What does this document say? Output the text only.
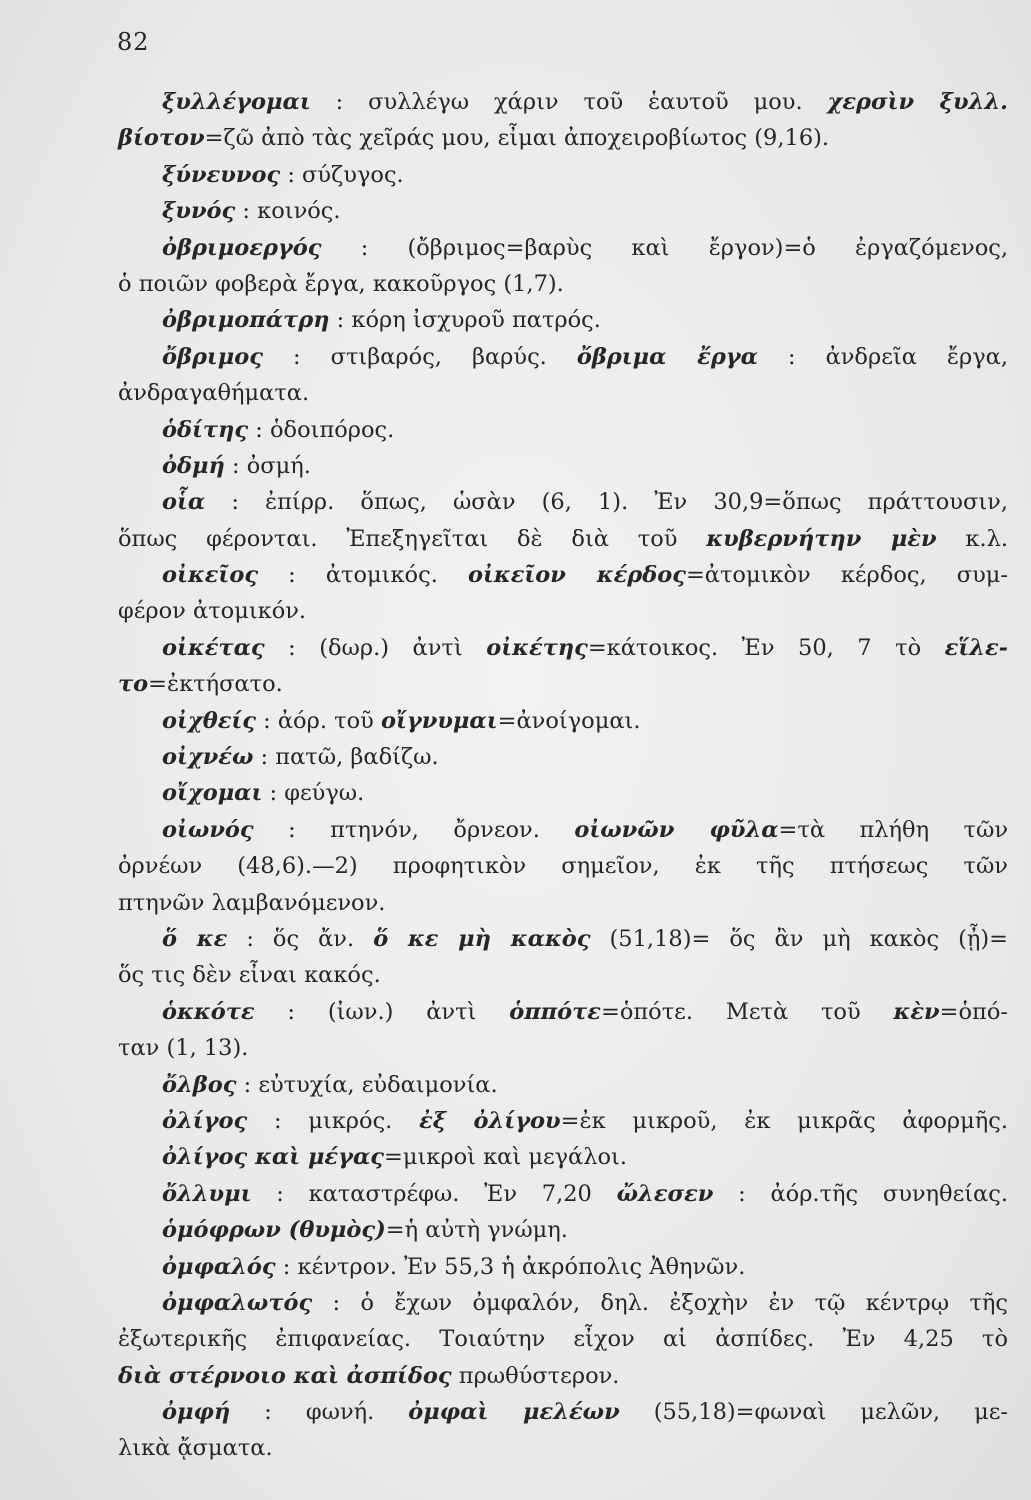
82
ξυλλέγομαι : συλλέγω χάριν τοῦ ἑαυτοῦ μου. χερσὶν ξυλλ.
βίοτον=ζῶ ἀπὸ τὰς χεῖράς μου, εἶμαι ἀποχειροβίωτος (9,16).
ξύνευνος : σύζυγος.
ξυνός : κοινός.
ὀβριμοεργός : (ὄβριμος=βαρὺς καὶ ἔργον)=ὁ ἐργαζόμενος,
ὁ ποιῶν φοβερὰ ἔργα, κακοῦργος (1,7).
ὀβριμοπάτρη : κόρη ἰσχυροῦ πατρός.
ὄβριμος : στιβαρός, βαρύς. ὄβριμα ἔργα : ἀνδρεῖα ἔργα,
ἀνδραγαθήματα.
ὁδίτης : ὁδοιπόρος.
ὀδμή : ὀσμή.
οἷα : ἐπίρρ. ὅπως, ὡσὰν (6, 1). Ἐν 30,9=ὅπως πράττουσιν,
ὅπως φέρονται. Ἐπεξηγεῖται δὲ διὰ τοῦ κυβερνήτην μὲν κ.λ.
οἰκεῖος : ἀτομικός. οἰκεῖον κέρδος=ἀτομικὸν κέρδος, συμ-
φέρον ἀτομικόν.
οἰκέτας : (δωρ.) ἀντὶ οἰκέτης=κάτοικος. Ἐν 50, 7 τὸ εἵλε-
το=ἐκτήσατο.
οἰχθείς : ἀόρ. τοῦ οἴγνυμαι=ἀνοίγομαι.
οἰχνέω : πατῶ, βαδίζω.
οἴχομαι : φεύγω.
οἰωνός : πτηνόν, ὄρνεον. οἰωνῶν φῦλα=τὰ πλήθη τῶν
ὀρνέων (48,6).—2) προφητικὸν σημεῖον, ἐκ τῆς πτήσεως τῶν
πτηνῶν λαμβανόμενον.
ὅ κε : ὅς ἄν. ὅ κε μὴ κακὸς (51,18)= ὅς ἂν μὴ κακὸς (ᾖ)=
ὅς τις δὲν εἶναι κακός.
ὁκκότε : (ἰων.) ἀντὶ ὁππότε=ὁπότε. Μετὰ τοῦ κὲν=ὁπό-
ταν (1, 13).
ὄλβος : εὐτυχία, εὐδαιμονία.
ὀλίγος : μικρός. ἐξ ὀλίγου=ἐκ μικροῦ, ἐκ μικρᾶς ἀφορμῆς.
ὀλίγος καὶ μέγας=μικροὶ καὶ μεγάλοι.
ὄλλυμι : καταστρέφω. Ἐν 7,20 ὤλεσεν : ἀόρ.τῆς συνηθείας.
ὁμόφρων (θυμὸς)=ἡ αὐτὴ γνώμη.
ὀμφαλός : κέντρον. Ἐν 55,3 ἡ ἀκρόπολις Ἀθηνῶν.
ὀμφαλωτός : ὁ ἔχων ὀμφαλόν, δηλ. ἐξοχὴν ἐν τῷ κέντρῳ τῆς
ἐξωτερικῆς ἐπιφανείας. Τοιαύτην εἶχον αἱ ἀσπίδες. Ἐν 4,25 τὸ
διὰ στέρνοιο καὶ ἀσπίδος πρωθύστερον.
ὀμφή : φωνή. ὀμφαὶ μελέων (55,18)=φωναὶ μελῶν, με-
λικὰ ᾄσματα.
